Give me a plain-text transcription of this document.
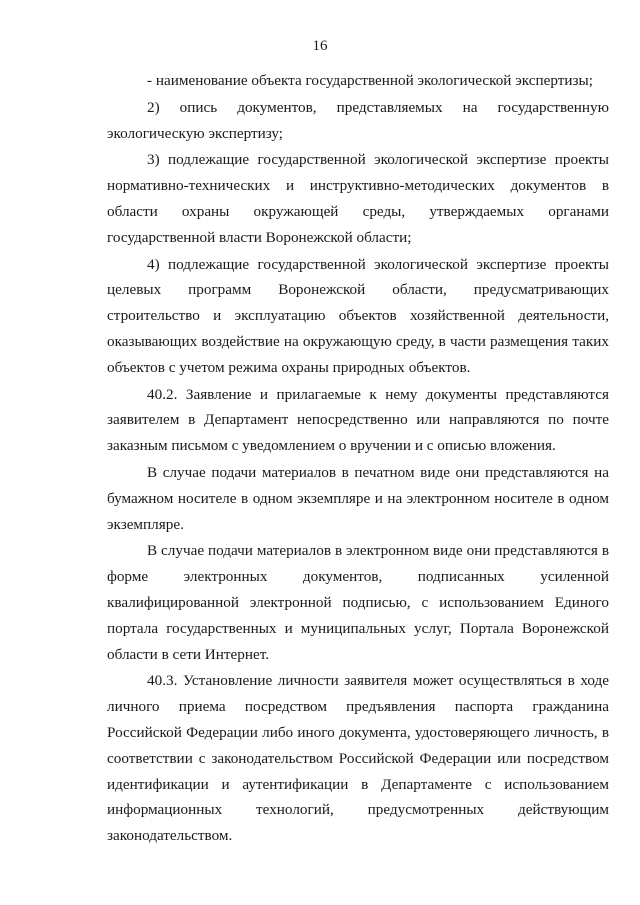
16

- наименование объекта государственной экологической экспертизы;

2) опись документов, представляемых на государственную экологическую экспертизу;

3) подлежащие государственной экологической экспертизе проекты нормативно-технических и инструктивно-методических документов в области охраны окружающей среды, утверждаемых органами государственной власти Воронежской области;

4) подлежащие государственной экологической экспертизе проекты целевых программ Воронежской области, предусматривающих строительство и эксплуатацию объектов хозяйственной деятельности, оказывающих воздействие на окружающую среду, в части размещения таких объектов с учетом режима охраны природных объектов.

40.2. Заявление и прилагаемые к нему документы представляются заявителем в Департамент непосредственно или направляются по почте заказным письмом с уведомлением о вручении и с описью вложения.

В случае подачи материалов в печатном виде они представляются на бумажном носителе в одном экземпляре и на электронном носителе в одном экземпляре.

В случае подачи материалов в электронном виде они представляются в форме электронных документов, подписанных усиленной квалифицированной электронной подписью, с использованием Единого портала государственных и муниципальных услуг, Портала Воронежской области в сети Интернет.

40.3. Установление личности заявителя может осуществляться в ходе личного приема посредством предъявления паспорта гражданина Российской Федерации либо иного документа, удостоверяющего личность, в соответствии с законодательством Российской Федерации или посредством идентификации и аутентификации в Департаменте с использованием информационных технологий, предусмотренных действующим законодательством.
